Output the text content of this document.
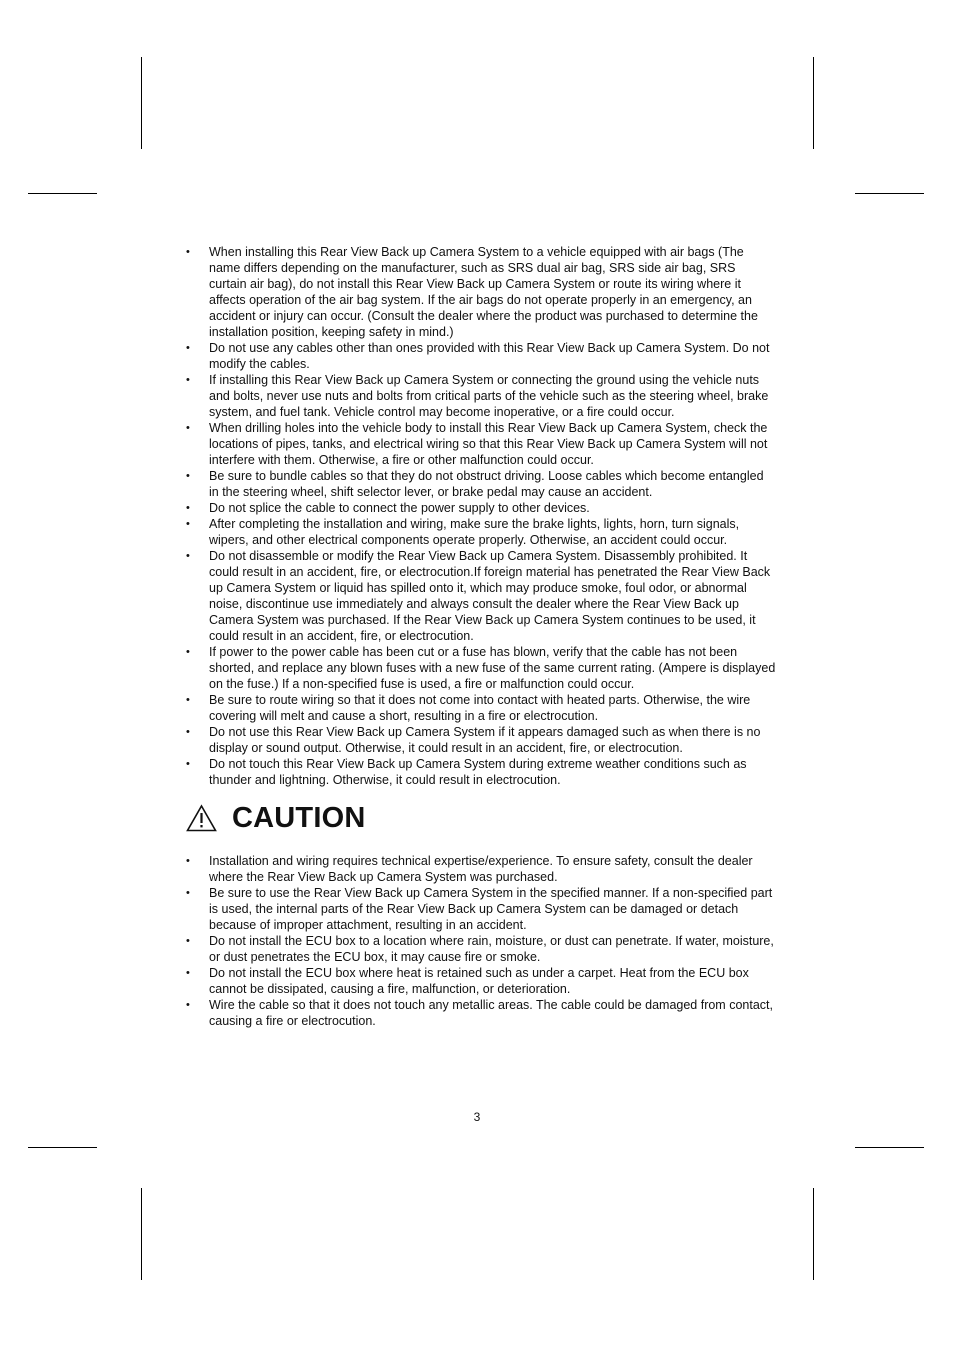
• When installing this Rear View Back up Camera System to a vehicle equipped with air bags (The name differs depending on the manufacturer, such as SRS dual air bag, SRS side air bag, SRS curtain air bag), do not install this Rear View Back up Camera System or route its wiring where it affects operation of the air bag system. If the air bags do not operate properly in an emergency, an accident or injury can occur. (Consult the dealer where the product was purchased to determine the installation position, keeping safety in mind.)
• Do not use any cables other than ones provided with this Rear View Back up Camera System. Do not modify the cables.
• If installing this Rear View Back up Camera System or connecting the ground using the vehicle nuts and bolts, never use nuts and bolts from critical parts of the vehicle such as the steering wheel, brake system, and fuel tank. Vehicle control may become inoperative, or a fire could occur.
• When drilling holes into the vehicle body to install this Rear View Back up Camera System, check the locations of pipes, tanks, and electrical wiring so that this Rear View Back up Camera System will not interfere with them. Otherwise, a fire or other malfunction could occur.
• Be sure to bundle cables so that they do not obstruct driving. Loose cables which become entangled in the steering wheel, shift selector lever, or brake pedal may cause an accident.
• Do not splice the cable to connect the power supply to other devices.
• After completing the installation and wiring, make sure the brake lights, lights, horn, turn signals, wipers, and other electrical components operate properly. Otherwise, an accident could occur.
• Do not disassemble or modify the Rear View Back up Camera System. Disassembly prohibited. It could result in an accident, fire, or electrocution.If foreign material has penetrated the Rear View Back up Camera System or liquid has spilled onto it, which may produce smoke, foul odor, or abnormal noise, discontinue use immediately and always consult the dealer where the Rear View Back up Camera System was purchased. If the Rear View Back up Camera System continues to be used, it could result in an accident, fire, or electrocution.
• If power to the power cable has been cut or a fuse has blown, verify that the cable has not been shorted, and replace any blown fuses with a new fuse of the same current rating. (Ampere is displayed on the fuse.) If a non-specified fuse is used, a fire or malfunction could occur.
• Be sure to route wiring so that it does not come into contact with heated parts. Otherwise, the wire covering will melt and cause a short, resulting in a fire or electrocution.
• Do not use this Rear View Back up Camera System if it appears damaged such as when there is no display or sound output. Otherwise, it could result in an accident, fire, or electrocution.
• Do not touch this Rear View Back up Camera System during extreme weather conditions such as thunder and lightning. Otherwise, it could result in electrocution.
CAUTION
• Installation and wiring requires technical expertise/experience. To ensure safety, consult the dealer where the Rear View Back up Camera System was purchased.
• Be sure to use the Rear View Back up Camera System in the specified manner. If a non-specified part is used, the internal parts of the Rear View Back up Camera System can be damaged or detach because of improper attachment, resulting in an accident.
• Do not install the ECU box to a location where rain, moisture, or dust can penetrate. If water, moisture, or dust penetrates the ECU box, it may cause fire or smoke.
• Do not install the ECU box where heat is retained such as under a carpet. Heat from the ECU box cannot be dissipated, causing a fire, malfunction, or deterioration.
• Wire the cable so that it does not touch any metallic areas. The cable could be damaged from contact, causing a fire or electrocution.
3
